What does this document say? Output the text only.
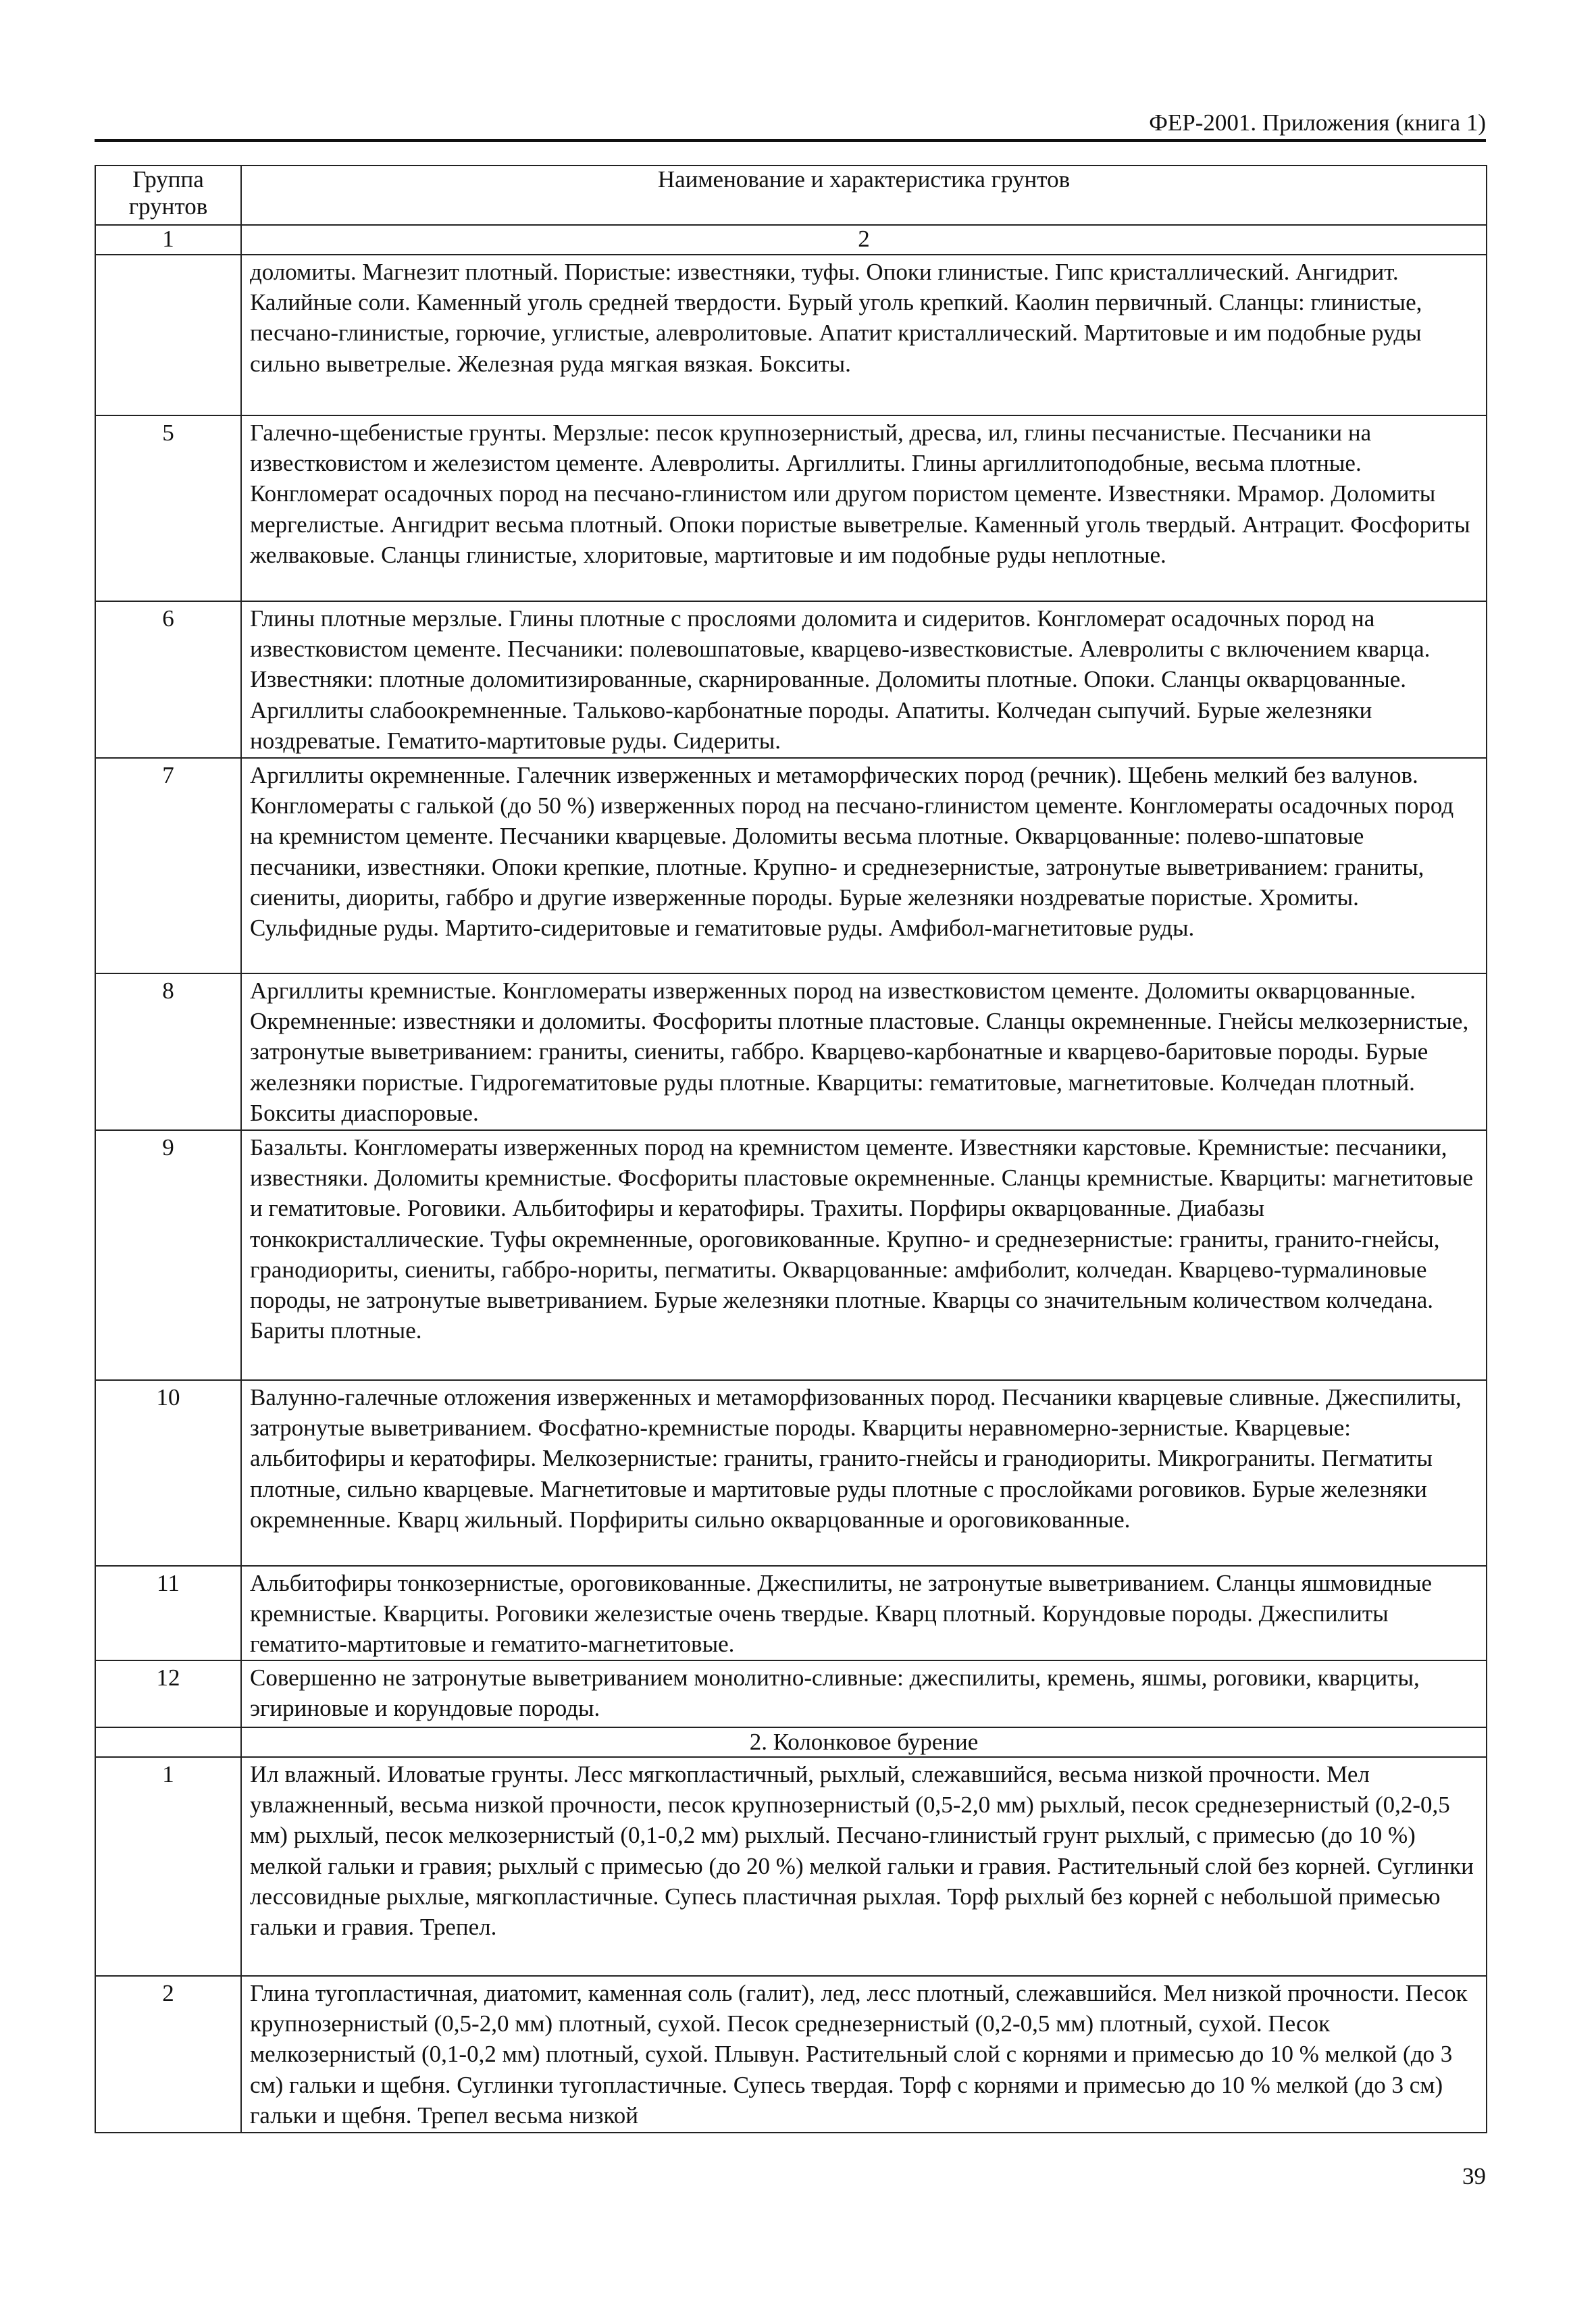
ФЕР-2001. Приложения (книга 1)
Группа грунтов	Наименование и характеристика грунтов
1	2
	доломиты. Магнезит плотный. Пористые: известняки, туфы. Опоки глинистые. Гипс кристаллический. Ангидрит. Калийные соли. Каменный уголь средней твердости. Бурый уголь крепкий. Каолин первичный. Сланцы: глинистые, песчано-глинистые, горючие, углистые, алевролитовые. Апатит кристаллический. Мартитовые и им подобные руды сильно выветрелые. Железная руда мягкая вязкая. Бокситы.
5	Галечно-щебенистые грунты. Мерзлые: песок крупнозернистый, дресва, ил, глины песчанистые. Песчаники на известковистом и железистом цементе. Алевролиты. Аргиллиты. Глины аргиллитоподобные, весьма плотные. Конгломерат осадочных пород на песчано-глинистом или другом пористом цементе. Известняки. Мрамор. Доломиты мергелистые. Ангидрит весьма плотный. Опоки пористые выветрелые. Каменный уголь твердый. Антрацит. Фосфориты желваковые. Сланцы глинистые, хлоритовые, мартитовые и им подобные руды неплотные.
6	Глины плотные мерзлые. Глины плотные с прослоями доломита и сидеритов. Конгломерат осадочных пород на известковистом цементе. Песчаники: полевошпатовые, кварцево-известковистые. Алевролиты с включением кварца. Известняки: плотные доломитизированные, скарнированные. Доломиты плотные. Опоки. Сланцы окварцованные. Аргиллиты слабоокремненные. Тальково-карбонатные породы. Апатиты. Колчедан сыпучий. Бурые железняки ноздреватые. Гематито-мартитовые руды. Сидериты.
7	Аргиллиты окремненные. Галечник изверженных и метаморфических пород (речник). Щебень мелкий без валунов. Конгломераты с галькой (до 50 %) изверженных пород на песчано-глинистом цементе. Конгломераты осадочных пород на кремнистом цементе. Песчаники кварцевые. Доломиты весьма плотные. Окварцованные: полево-шпатовые песчаники, известняки. Опоки крепкие, плотные. Крупно- и среднезернистые, затронутые выветриванием: граниты, сиениты, диориты, габбро и другие изверженные породы. Бурые железняки ноздреватые пористые. Хромиты. Сульфидные руды. Мартито-сидеритовые и гематитовые руды. Амфибол-магнетитовые руды.
8	Аргиллиты кремнистые. Конгломераты изверженных пород на известковистом цементе. Доломиты окварцованные. Окремненные: известняки и доломиты. Фосфориты плотные пластовые. Сланцы окремненные. Гнейсы мелкозернистые, затронутые выветриванием: граниты, сиениты, габбро. Кварцево-карбонатные и кварцево-баритовые породы. Бурые железняки пористые. Гидрогематитовые руды плотные. Кварциты: гематитовые, магнетитовые. Колчедан плотный. Бокситы диаспоровые.
9	Базальты. Конгломераты изверженных пород на кремнистом цементе. Известняки карстовые. Кремнистые: песчаники, известняки. Доломиты кремнистые. Фосфориты пластовые окремненные. Сланцы кремнистые. Кварциты: магнетитовые и гематитовые. Роговики. Альбитофиры и кератофиры. Трахиты. Порфиры окварцованные. Диабазы тонкокристаллические. Туфы окремненные, ороговикованные. Крупно- и среднезернистые: граниты, гранито-гнейсы, гранодиориты, сиениты, габбро-нориты, пегматиты. Окварцованные: амфиболит, колчедан. Кварцево-турмалиновые породы, не затронутые выветриванием. Бурые железняки плотные. Кварцы со значительным количеством колчедана. Бариты плотные.
10	Валунно-галечные отложения изверженных и метаморфизованных пород. Песчаники кварцевые сливные. Джеспилиты, затронутые выветриванием. Фосфатно-кремнистые породы. Кварциты неравномерно-зернистые. Кварцевые: альбитофиры и кератофиры. Мелкозернистые: граниты, гранито-гнейсы и гранодиориты. Микрограниты. Пегматиты плотные, сильно кварцевые. Магнетитовые и мартитовые руды плотные с прослойками роговиков. Бурые железняки окремненные. Кварц жильный. Порфириты сильно окварцованные и ороговикованные.
11	Альбитофиры тонкозернистые, ороговикованные. Джеспилиты, не затронутые выветриванием. Сланцы яшмовидные кремнистые. Кварциты. Роговики железистые очень твердые. Кварц плотный. Корундовые породы. Джеспилиты гематито-мартитовые и гематито-магнетитовые.
12	Совершенно не затронутые выветриванием монолитно-сливные: джеспилиты, кремень, яшмы, роговики, кварциты, эгириновые и корундовые породы.
	2. Колонковое бурение
1	Ил влажный. Иловатые грунты. Лесс мягкопластичный, рыхлый, слежавшийся, весьма низкой прочности. Мел увлажненный, весьма низкой прочности, песок крупнозернистый (0,5-2,0 мм) рыхлый, песок среднезернистый (0,2-0,5 мм) рыхлый, песок мелкозернистый (0,1-0,2 мм) рыхлый. Песчано-глинистый грунт рыхлый, с примесью (до 10 %) мелкой гальки и гравия; рыхлый с примесью (до 20 %) мелкой гальки и гравия. Растительный слой без корней. Суглинки лессовидные рыхлые, мягкопластичные. Супесь пластичная рыхлая. Торф рыхлый без корней с небольшой примесью гальки и гравия. Трепел.
2	Глина тугопластичная, диатомит, каменная соль (галит), лед, лесс плотный, слежавшийся. Мел низкой прочности. Песок крупнозернистый (0,5-2,0 мм) плотный, сухой. Песок среднезернистый (0,2-0,5 мм) плотный, сухой. Песок мелкозернистый (0,1-0,2 мм) плотный, сухой. Плывун. Растительный слой с корнями и примесью до 10 % мелкой (до 3 см) гальки и щебня. Суглинки тугопластичные. Супесь твердая. Торф с корнями и примесью до 10 % мелкой (до 3 см) гальки и щебня. Трепел весьма низкой
39
